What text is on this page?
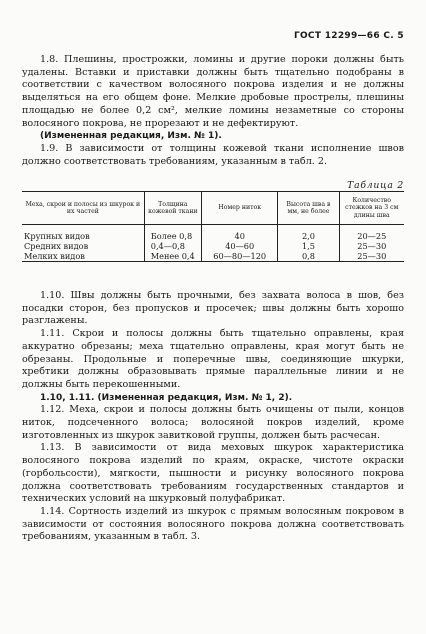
ГОСТ 12299—66 С. 5

1.8. Плешины, прострожки, ломины и другие пороки должны быть удалены. Вставки и приставки должны быть тщательно подобраны в соответствии с качеством волосяного покрова изделия и не должны выделяться на его общем фоне. Мелкие дробовые прострелы, плешины площадью не более 0,2 см², мелкие ломины незаметные со стороны волосяного покрова, не прорезают и не дефектируют.

(Измененная редакция, Изм. № 1).

1.9. В зависимости от толщины кожевой ткани исполнение швов должно соответствовать требованиям, указанным в табл. 2.

Таблица 2
Меха, скрои и полосы из шкурок и их частей	Толщина кожевой ткани	Номер ниток	Высота шва в мм, не более	Количество стежков на 3 см длины шва
Крупных видов	Более 0,8	40	2,0	20—25
Средних видов	0,4—0,8	40—60	1,5	25—30
Мелких видов	Менее 0,4	60—80—120	0,8	25—30

1.10. Швы должны быть прочными, без захвата волоса в шов, без посадки сторон, без пропусков и просечек; швы должны быть хорошо разглажены.

1.11. Скрои и полосы должны быть тщательно оправлены, края аккуратно обрезаны; меха тщательно оправлены, края могут быть не обрезаны. Продольные и поперечные швы, соединяющие шкурки, хребтики должны образовывать прямые параллельные линии и не должны быть перекошенными.

1.10, 1.11. (Измененная редакция, Изм. № 1, 2).

1.12. Меха, скрои и полосы должны быть очищены от пыли, концов ниток, подсеченного волоса; волосяной покров изделий, кроме изготовленных из шкурок завитковой группы, должен быть расчесан.

1.13. В зависимости от вида меховых шкурок характеристика волосяного покрова изделий по краям, окраске, чистоте окраски (горбольсости), мягкости, пышности и рисунку волосяного покрова должна соответствовать требованиям государственных стандартов и технических условий на шкурковый полуфабрикат.

1.14. Сортность изделий из шкурок с прямым волосяным покровом в зависимости от состояния волосяного покрова должна соответствовать требованиям, указанным в табл. 3.
